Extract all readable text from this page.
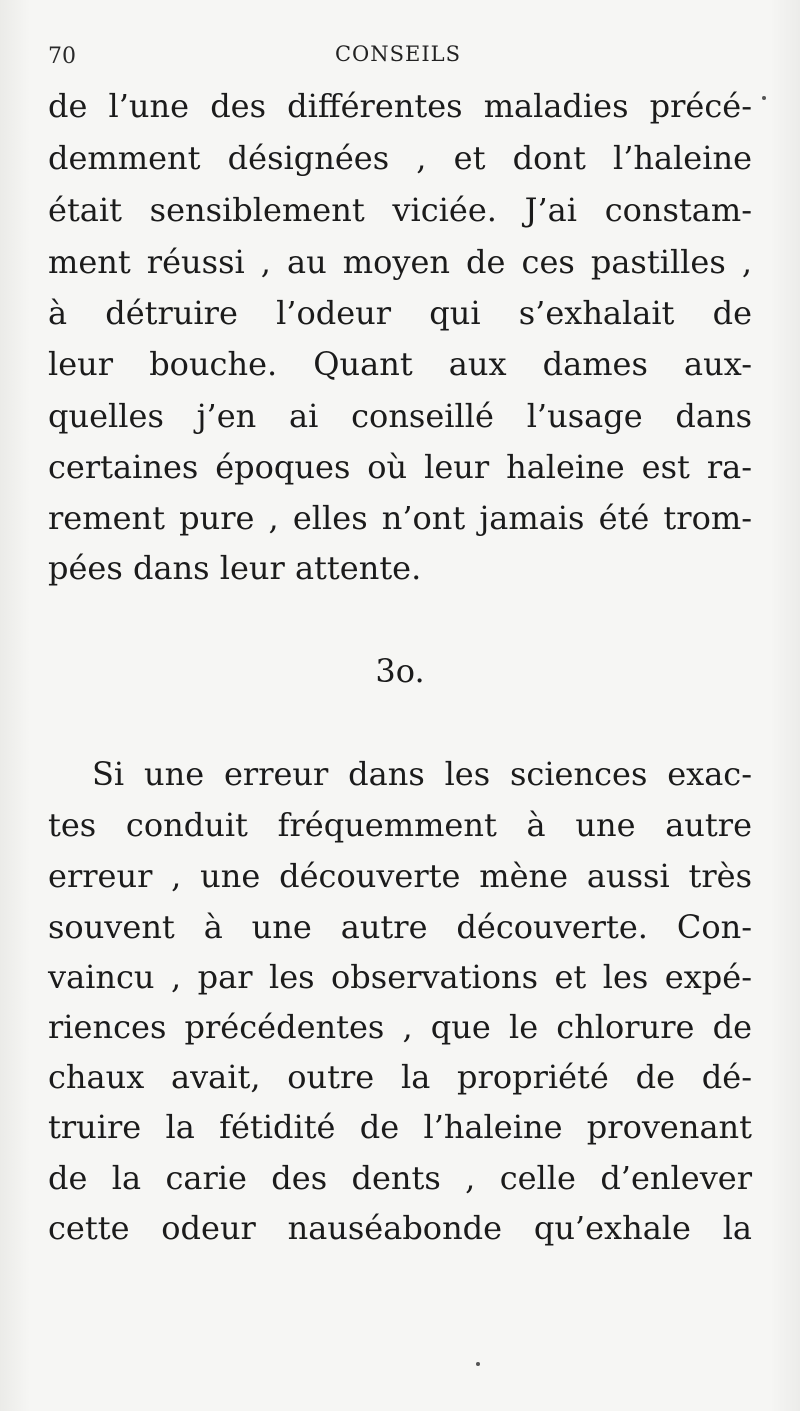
70	CONSEILS
de l’une des différentes maladies précé-
demment désignées , et dont l’haleine
était sensiblement viciée. J’ai constam-
ment réussi , au moyen de ces pastilles ,
à détruire l’odeur qui s’exhalait de
leur bouche. Quant aux dames aux-
quelles j’en ai conseillé l’usage dans
certaines époques où leur haleine est ra-
rement pure , elles n’ont jamais été trom-
pées dans leur attente.
3o.
Si une erreur dans les sciences exac-
tes conduit fréquemment à une autre
erreur , une découverte mène aussi très
souvent à une autre découverte. Con-
vaincu , par les observations et les expé-
riences précédentes , que le chlorure de
chaux avait, outre la propriété de dé-
truire la fétidité de l’haleine provenant
de la carie des dents , celle d’enlever
cette odeur nauséabonde qu’exhale la
